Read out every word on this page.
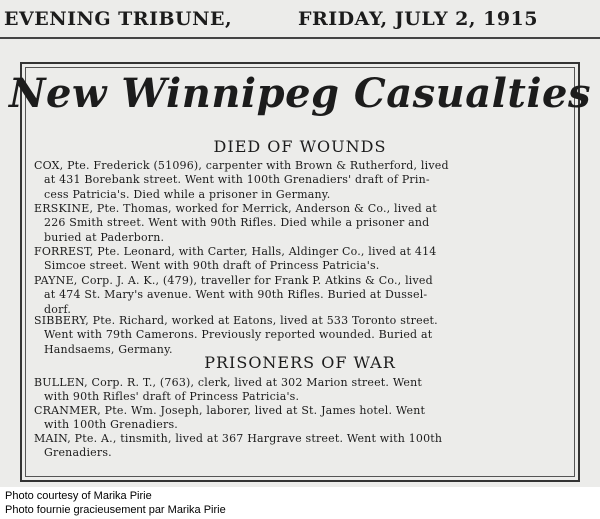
EVENING TRIBUNE,	FRIDAY, JULY 2, 1915
New Winnipeg Casualties
DIED OF WOUNDS
COX, Pte. Frederick (51096), carpenter with Brown & Rutherford, lived
at 431 Borebank street. Went with 100th Grenadiers' draft of Prin-
cess Patricia's. Died while a prisoner in Germany.
ERSKINE, Pte. Thomas, worked for Merrick, Anderson & Co., lived at
226 Smith street. Went with 90th Rifles. Died while a prisoner and
buried at Paderborn.
FORREST, Pte. Leonard, with Carter, Halls, Aldinger Co., lived at 414
Simcoe street. Went with 90th draft of Princess Patricia's.
PAYNE, Corp. J. A. K., (479), traveller for Frank P. Atkins & Co., lived
at 474 St. Mary's avenue. Went with 90th Rifles. Buried at Dussel-
dorf.
SIBBERY, Pte. Richard, worked at Eatons, lived at 533 Toronto street.
Went with 79th Camerons. Previously reported wounded. Buried at
Handsaems, Germany.
PRISONERS OF WAR
BULLEN, Corp. R. T., (763), clerk, lived at 302 Marion street. Went
with 90th Rifles' draft of Princess Patricia's.
CRANMER, Pte. Wm. Joseph, laborer, lived at St. James hotel. Went
with 100th Grenadiers.
MAIN, Pte. A., tinsmith, lived at 367 Hargrave street. Went with 100th
Grenadiers.
Photo courtesy of Marika Pirie
Photo fournie gracieusement par Marika Pirie
